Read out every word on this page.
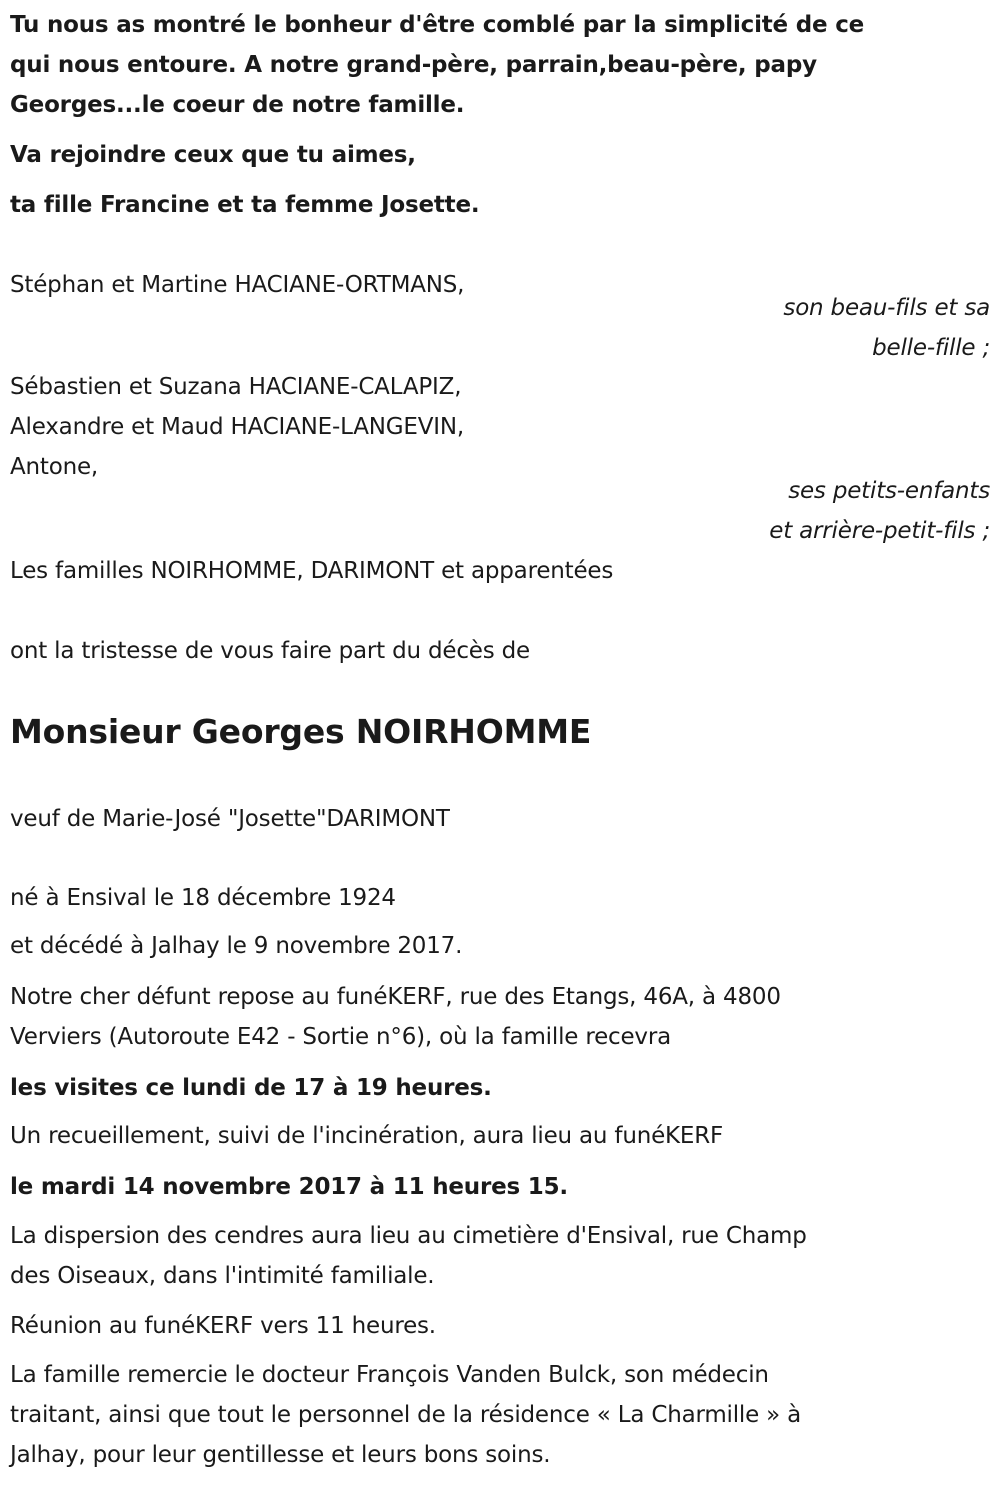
Tu nous as montré le bonheur d'être comblé par la simplicité de ce
qui nous entoure. A notre grand-père, parrain,beau-père, papy
Georges...le coeur de notre famille.
Va rejoindre ceux que tu aimes,
ta fille Francine et ta femme Josette.
Stéphan et Martine HACIANE-ORTMANS,
son beau-fils et sa
belle-fille ;
Sébastien et Suzana HACIANE-CALAPIZ,
Alexandre et Maud HACIANE-LANGEVIN,
Antone,
ses petits-enfants
et arrière-petit-fils ;
Les familles NOIRHOMME, DARIMONT et apparentées
ont la tristesse de vous faire part du décès de
Monsieur Georges NOIRHOMME
veuf de Marie-José "Josette"DARIMONT
né à Ensival le 18 décembre 1924
et décédé à Jalhay le 9 novembre 2017.
Notre cher défunt repose au funéKERF, rue des Etangs, 46A, à 4800
Verviers (Autoroute E42 - Sortie n°6), où la famille recevra
les visites ce lundi de 17 à 19 heures.
Un recueillement, suivi de l'incinération, aura lieu au funéKERF
le mardi 14 novembre 2017 à 11 heures 15.
La dispersion des cendres aura lieu au cimetière d'Ensival, rue Champ
des Oiseaux, dans l'intimité familiale.
Réunion au funéKERF vers 11 heures.
La famille remercie le docteur François Vanden Bulck, son médecin
traitant, ainsi que tout le personnel de la résidence « La Charmille » à
Jalhay, pour leur gentillesse et leurs bons soins.
